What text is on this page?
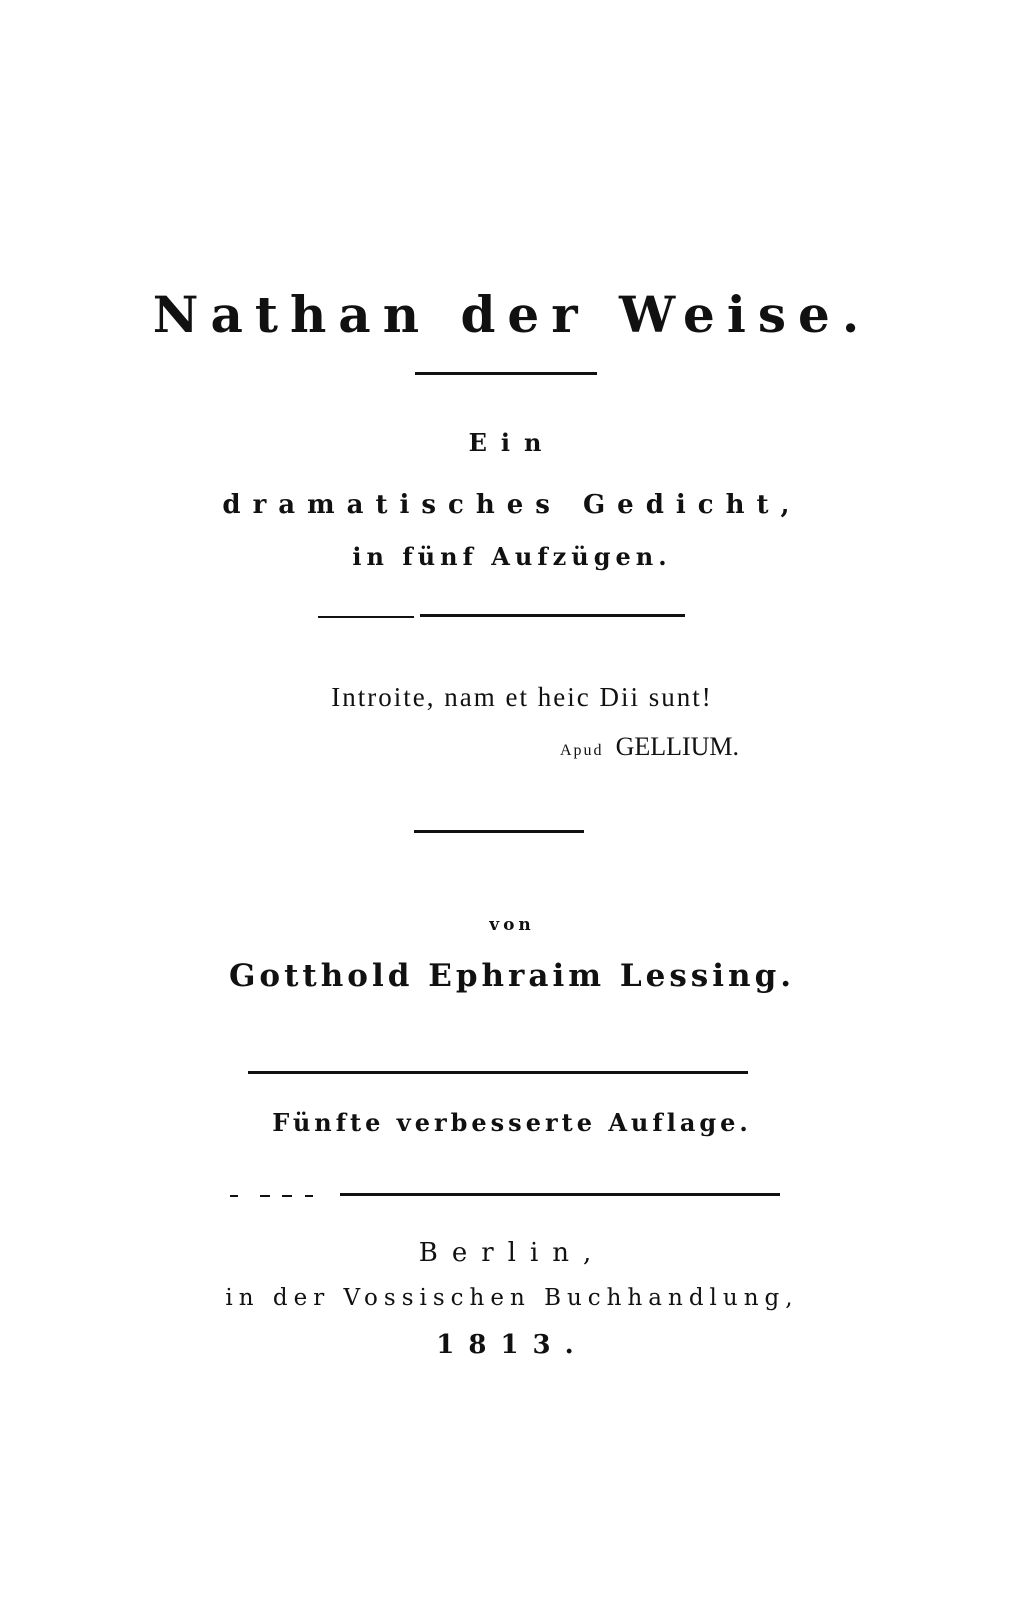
Nathan der Weise.
Ein
dramatisches Gedicht,
in fünf Aufzügen.
Introite, nam et heic Dii sunt!
Apud GELLIUM.
von
Gotthold Ephraim Lessing.
Fünfte verbesserte Auflage.
Berlin,
in der Vossischen Buchhandlung,
1813.
